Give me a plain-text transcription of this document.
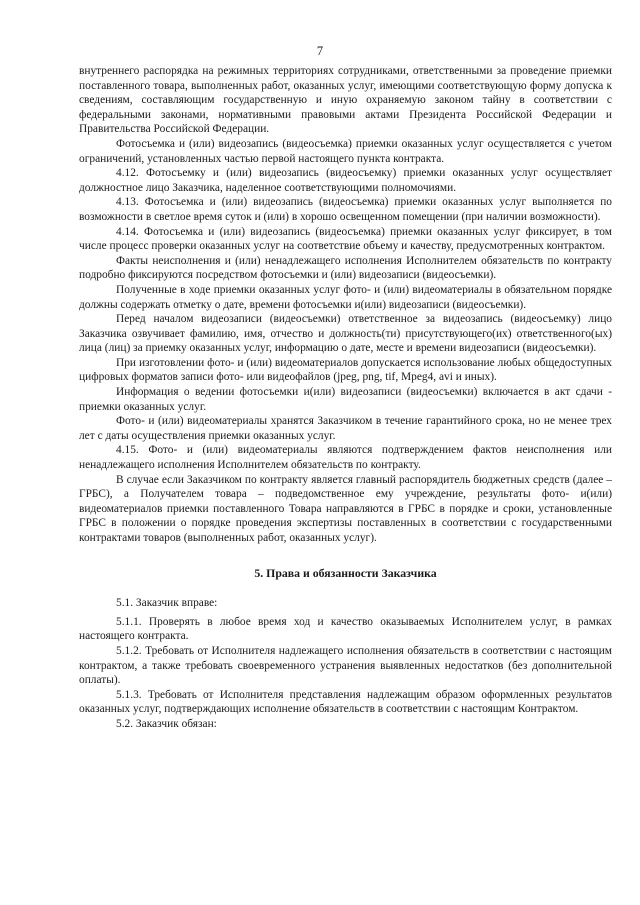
7

внутреннего распорядка на режимных территориях сотрудниками, ответственными за проведение приемки поставленного товара, выполненных работ, оказанных услуг, имеющими соответствующую форму допуска к сведениям, составляющим государственную и иную охраняемую законом тайну в соответствии с федеральными законами, нормативными правовыми актами Президента Российской Федерации и Правительства Российской Федерации.

Фотосъемка и (или) видеозапись (видеосъемка) приемки оказанных услуг осуществляется с учетом ограничений, установленных частью первой настоящего пункта контракта.

4.12. Фотосъемку и (или) видеозапись (видеосъемку) приемки оказанных услуг осуществляет должностное лицо Заказчика, наделенное соответствующими полномочиями.

4.13. Фотосъемка и (или) видеозапись (видеосъемка) приемки оказанных услуг выполняется по возможности в светлое время суток и (или) в хорошо освещенном помещении (при наличии возможности).

4.14. Фотосъемка и (или) видеозапись (видеосъемка) приемки оказанных услуг фиксирует, в том числе процесс проверки оказанных услуг на соответствие объему и качеству, предусмотренных контрактом.

Факты неисполнения и (или) ненадлежащего исполнения Исполнителем обязательств по контракту подробно фиксируются посредством фотосъемки и (или) видеозаписи (видеосъемки).

Полученные в ходе приемки оказанных услуг фото- и (или) видеоматериалы в обязательном порядке должны содержать отметку о дате, времени фотосъемки и(или) видеозаписи (видеосъемки).

Перед началом видеозаписи (видеосъемки) ответственное за видеозапись (видеосъемку) лицо Заказчика озвучивает фамилию, имя, отчество и должность(ти) присутствующего(их) ответственного(ых) лица (лиц) за приемку оказанных услуг, информацию о дате, месте и времени видеозаписи (видеосъемки).

При изготовлении фото- и (или) видеоматериалов допускается использование любых общедоступных цифровых форматов записи фото- или видеофайлов (jpeg, png, tif, Mpeg4, avi и иных).

Информация о ведении фотосъемки и(или) видеозаписи (видеосъемки) включается в акт сдачи - приемки оказанных услуг.

Фото- и (или) видеоматериалы хранятся Заказчиком в течение гарантийного срока, но не менее трех лет с даты осуществления приемки оказанных услуг.

4.15. Фото- и (или) видеоматериалы являются подтверждением фактов неисполнения или ненадлежащего исполнения Исполнителем обязательств по контракту.

В случае если Заказчиком по контракту является главный распорядитель бюджетных средств (далее – ГРБС), а Получателем товара – подведомственное ему учреждение, результаты фото- и(или) видеоматериалов приемки поставленного Товара направляются в ГРБС в порядке и сроки, установленные ГРБС в положении о порядке проведения экспертизы поставленных в соответствии с государственными контрактами товаров (выполненных работ, оказанных услуг).

5. Права и обязанности Заказчика

5.1. Заказчик вправе:

5.1.1. Проверять в любое время ход и качество оказываемых Исполнителем услуг, в рамках настоящего контракта.

5.1.2. Требовать от Исполнителя надлежащего исполнения обязательств в соответствии с настоящим контрактом, а также требовать своевременного устранения выявленных недостатков (без дополнительной оплаты).

5.1.3. Требовать от Исполнителя представления надлежащим образом оформленных результатов оказанных услуг, подтверждающих исполнение обязательств в соответствии с настоящим Контрактом.

5.2. Заказчик обязан:
